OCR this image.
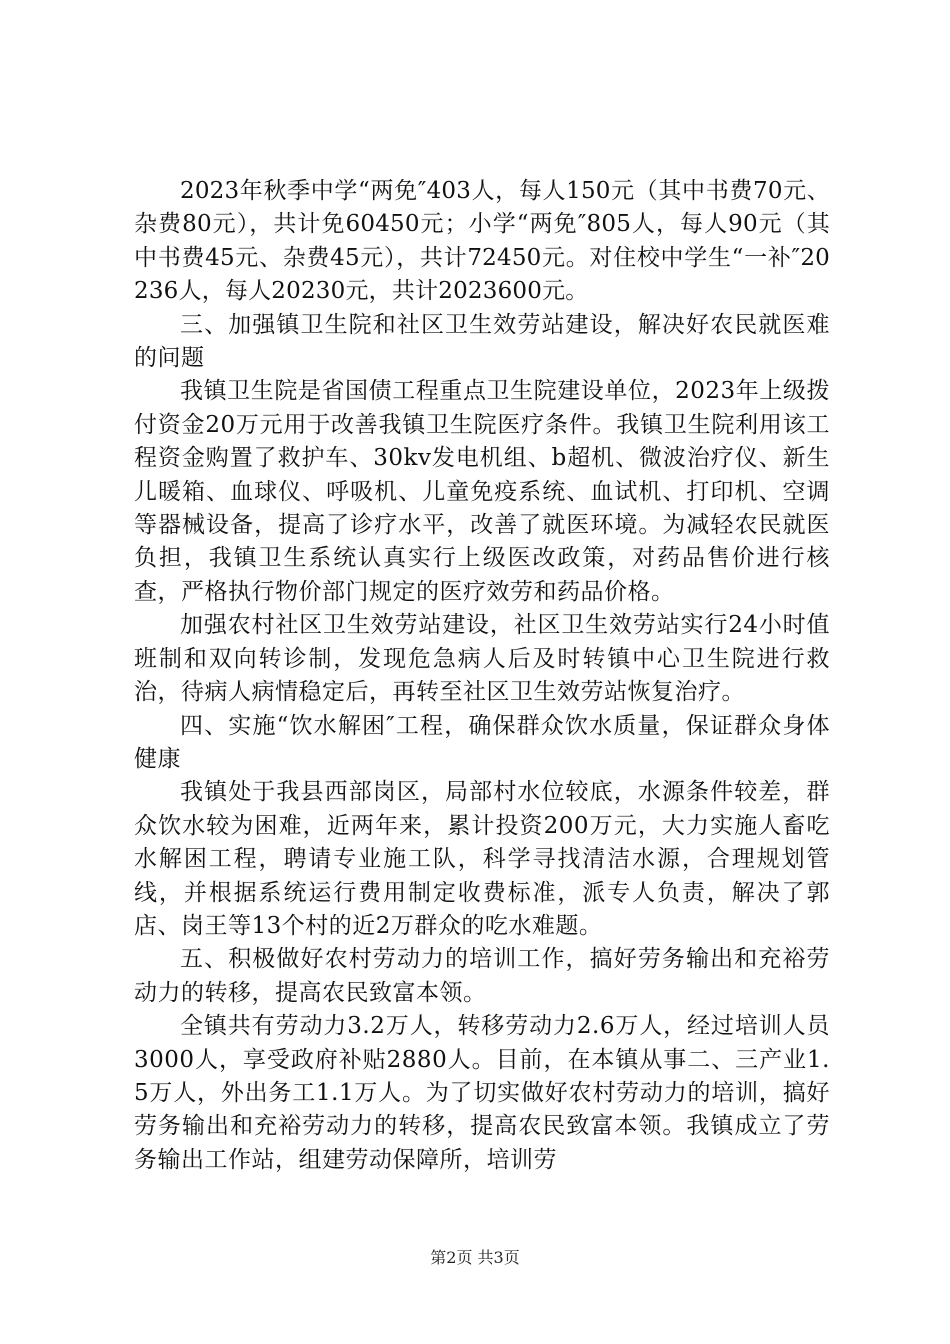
2023年秋季中学“两免″403人，每人150元（其中书费70元、杂费80元），共计免60450元；小学“两免″805人，每人90元（其中书费45元、杂费45元），共计72450元。对住校中学生“一补″20236人，每人20230元，共计2023600元。

三、加强镇卫生院和社区卫生效劳站建设，解决好农民就医难的问题

我镇卫生院是省国债工程重点卫生院建设单位，2023年上级拨付资金20万元用于改善我镇卫生院医疗条件。我镇卫生院利用该工程资金购置了救护车、30kv发电机组、b超机、微波治疗仪、新生儿暖箱、血球仪、呼吸机、儿童免疫系统、血试机、打印机、空调等器械设备，提高了诊疗水平，改善了就医环境。为减轻农民就医负担，我镇卫生系统认真实行上级医改政策，对药品售价进行核查，严格执行物价部门规定的医疗效劳和药品价格。

加强农村社区卫生效劳站建设，社区卫生效劳站实行24小时值班制和双向转诊制，发现危急病人后及时转镇中心卫生院进行救治，待病人病情稳定后，再转至社区卫生效劳站恢复治疗。

四、实施“饮水解困″工程，确保群众饮水质量，保证群众身体健康

我镇处于我县西部岗区，局部村水位较底，水源条件较差，群众饮水较为困难，近两年来，累计投资200万元，大力实施人畜吃水解困工程，聘请专业施工队，科学寻找清洁水源，合理规划管线，并根据系统运行费用制定收费标准，派专人负责，解决了郭店、岗王等13个村的近2万群众的吃水难题。

五、积极做好农村劳动力的培训工作，搞好劳务输出和充裕劳动力的转移，提高农民致富本领。

全镇共有劳动力3.2万人，转移劳动力2.6万人，经过培训人员3000人，享受政府补贴2880人。目前，在本镇从事二、三产业1.5万人，外出务工1.1万人。为了切实做好农村劳动力的培训，搞好劳务输出和充裕劳动力的转移，提高农民致富本领。我镇成立了劳务输出工作站，组建劳动保障所，培训劳

第2页 共3页
